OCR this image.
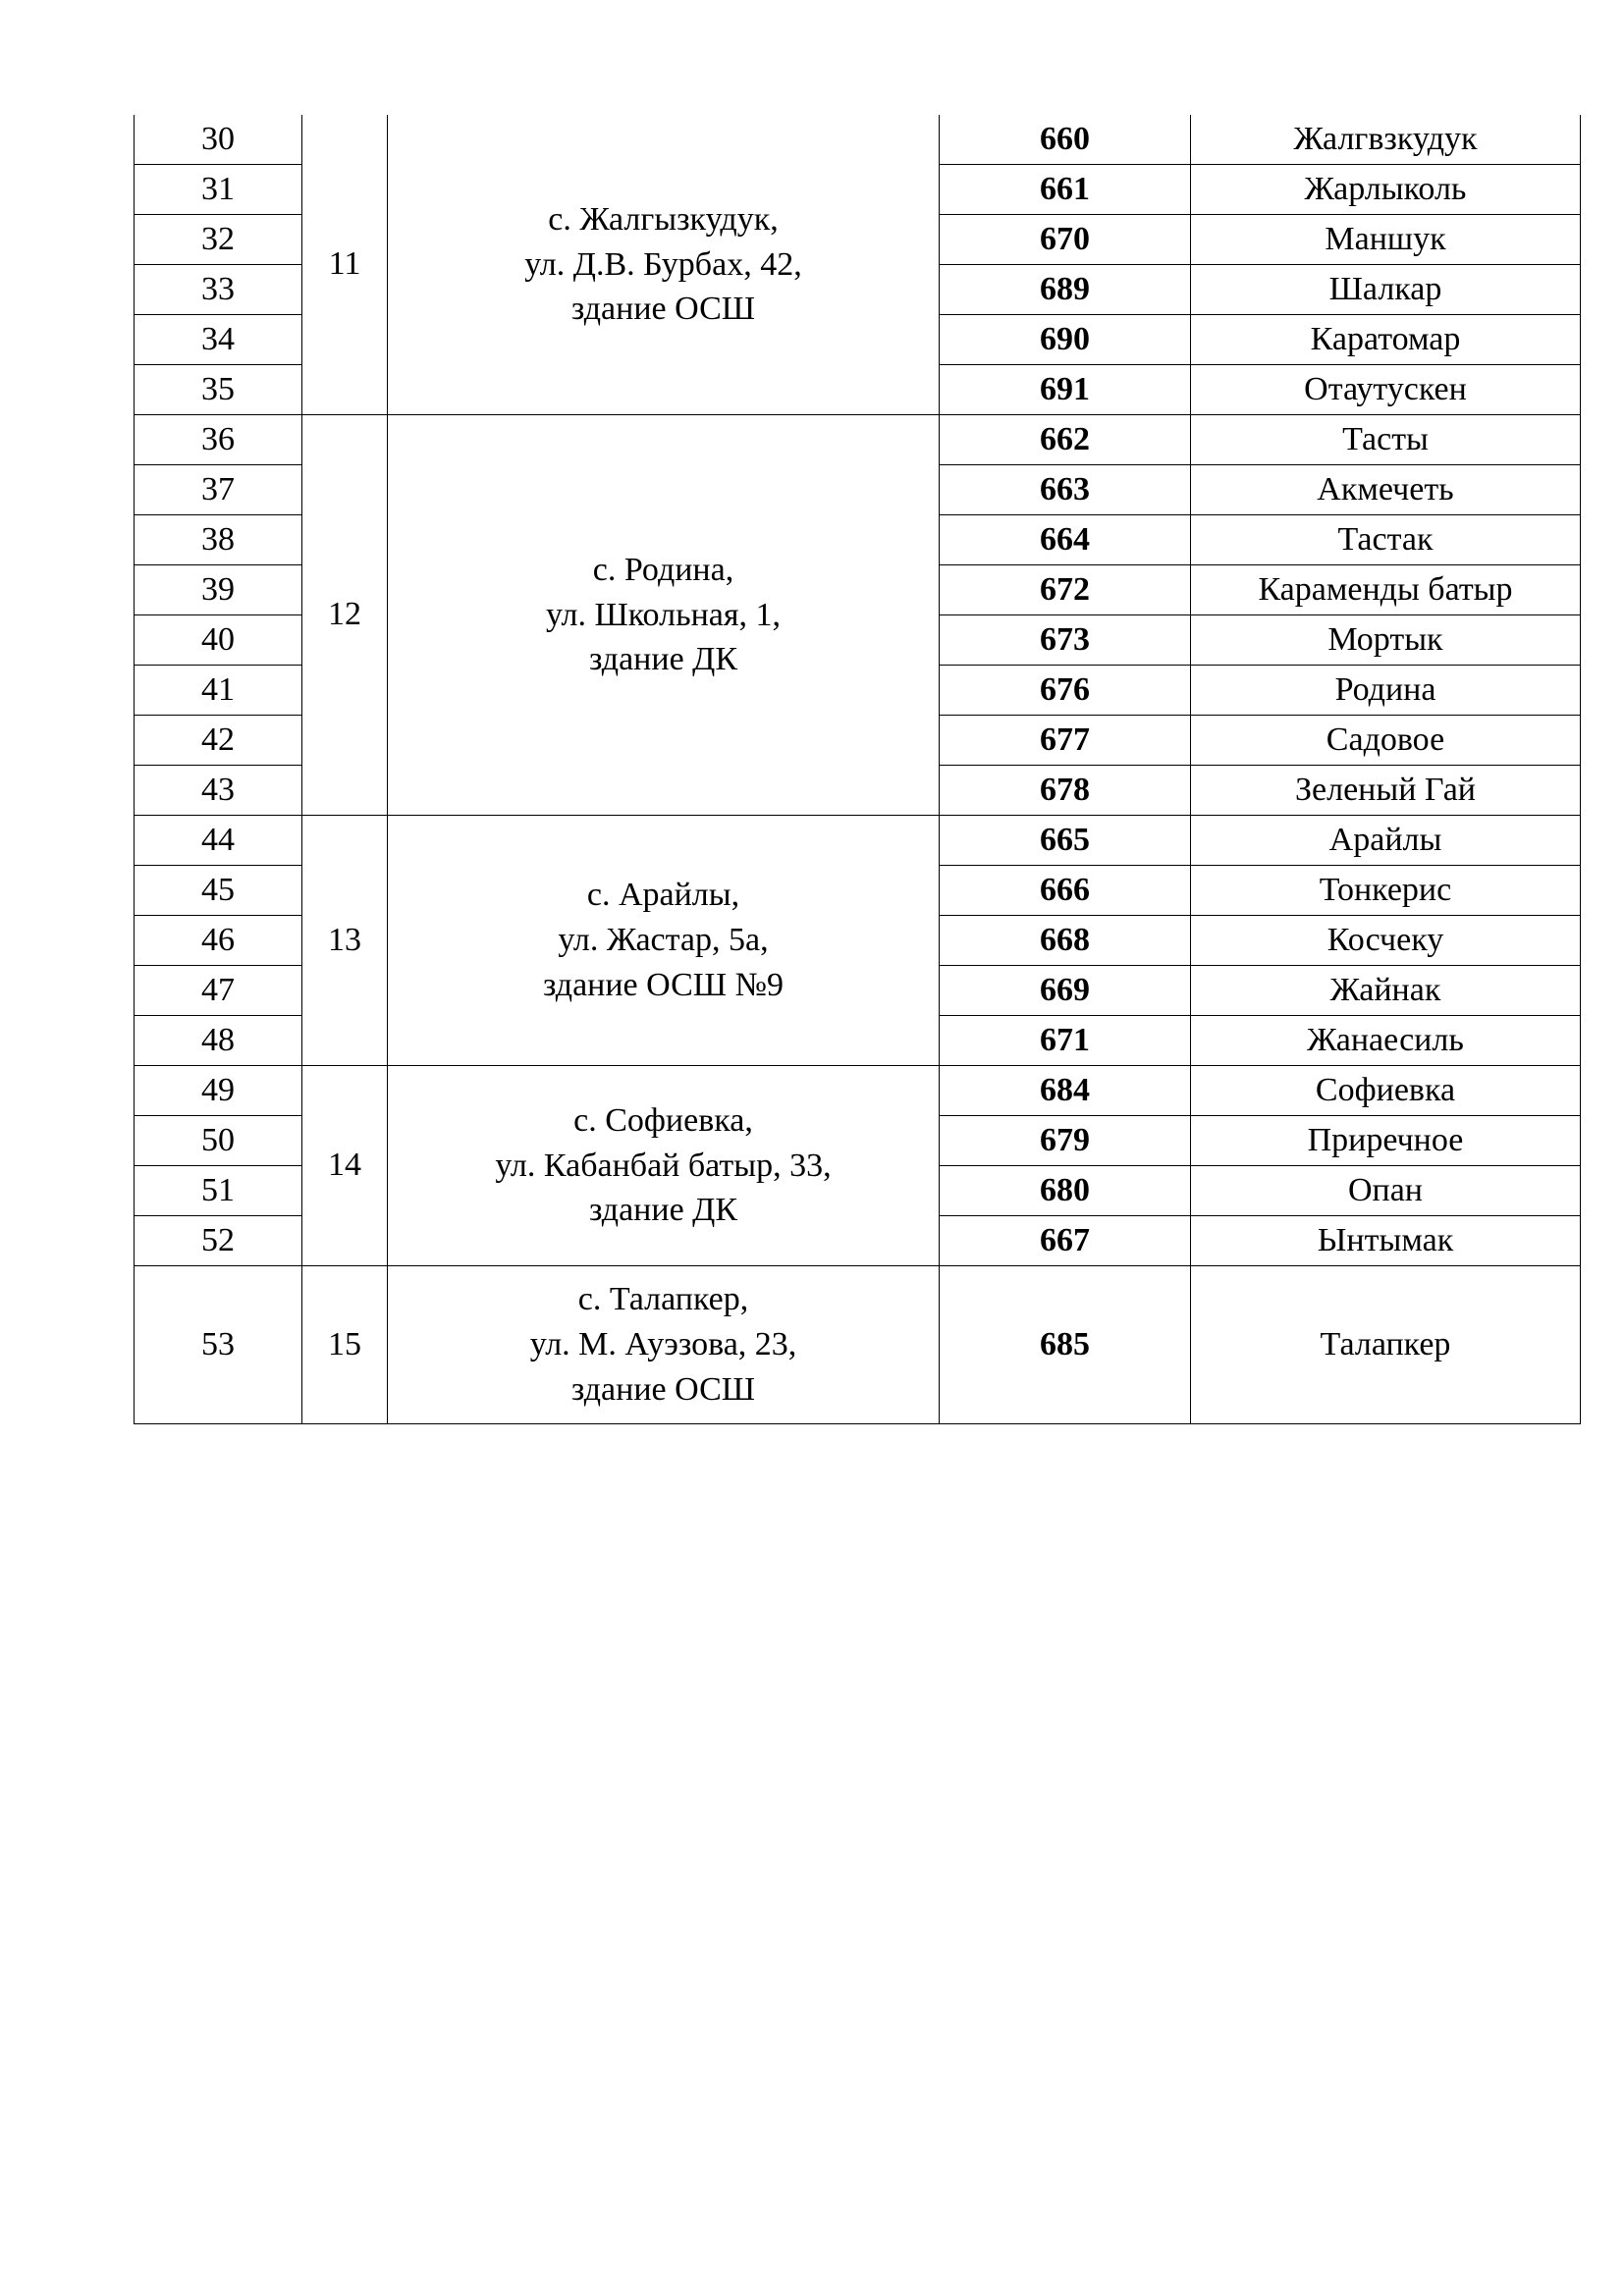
30	11	с. Жалгызкудук,
ул. Д.В. Бурбах, 42,
здание ОСШ	660	Жалгвзкудук
31			661	Жарлыколь
32			670	Маншук
33			689	Шалкар
34			690	Каратомар
35			691	Отаутускен
36	12	с. Родина,
ул. Школьная, 1,
здание ДК	662	Тасты
37			663	Акмечеть
38			664	Тастак
39			672	Караменды батыр
40			673	Мортык
41			676	Родина
42			677	Садовое
43			678	Зеленый Гай
44	13	с. Арайлы,
ул. Жастар, 5а,
здание ОСШ №9	665	Арайлы
45			666	Тонкерис
46			668	Косчеку
47			669	Жайнак
48			671	Жанаесиль
49	14	с. Софиевка,
ул. Кабанбай батыр, 33,
здание ДК	684	Софиевка
50			679	Приречное
51			680	Опан
52			667	Ынтымак
53	15	с. Талапкер,
ул. М. Ауэзова, 23,
здание ОСШ	685	Талапкер
